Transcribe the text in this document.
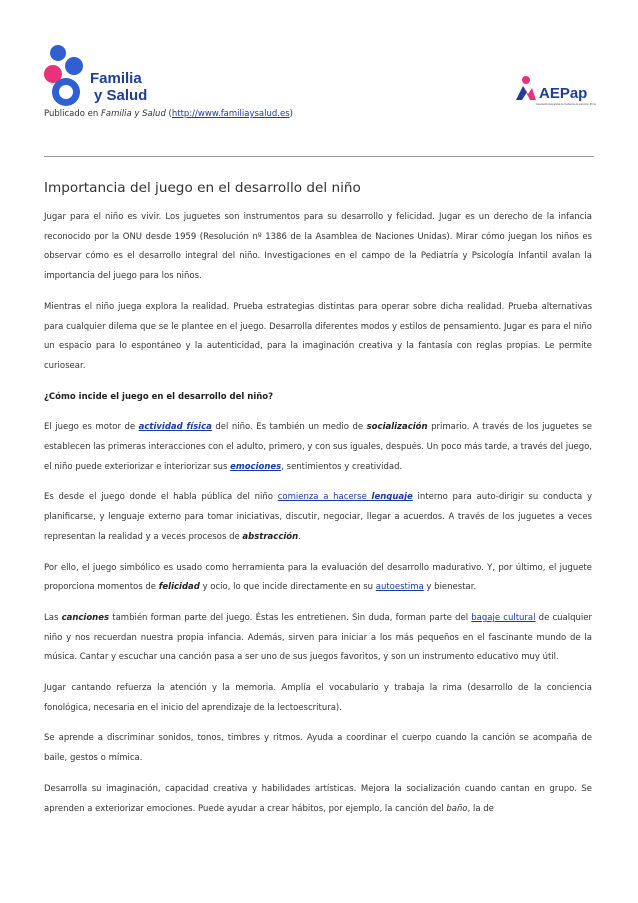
Familia
y Salud	AEPap
Asociación Española de Pediatría de Atención Primaria
Publicado en Familia y Salud (http://www.familiaysalud.es)
Importancia del juego en el desarrollo del niño

Jugar para el niño es vivir. Los juguetes son instrumentos para su desarrollo y felicidad. Jugar es un derecho de la infancia reconocido por la ONU desde 1959 (Resolución nº 1386 de la Asamblea de Naciones Unidas). Mirar cómo juegan los niños es observar cómo es el desarrollo integral del niño. Investigaciones en el campo de la Pediatría y Psicología Infantil avalan la importancia del juego para los niños.

Mientras el niño juega explora la realidad. Prueba estrategias distintas para operar sobre dicha realidad. Prueba alternativas para cualquier dilema que se le plantee en el juego. Desarrolla diferentes modos y estilos de pensamiento. Jugar es para el niño un espacio para lo espontáneo y la autenticidad, para la imaginación creativa y la fantasía con reglas propias. Le permite curiosear.

¿Cómo incide el juego en el desarrollo del niño?

El juego es motor de actividad física del niño. Es también un medio de socialización primario. A través de los juguetes se establecen las primeras interacciones con el adulto, primero, y con sus iguales, después. Un poco más tarde, a través del juego, el niño puede exteriorizar e interiorizar sus emociones, sentimientos y creatividad.

Es desde el juego donde el habla pública del niño comienza a hacerse lenguaje interno para auto-dirigir su conducta y planificarse, y lenguaje externo para tomar iniciativas, discutir, negociar, llegar a acuerdos. A través de los juguetes a veces representan la realidad y a veces procesos de abstracción.

Por ello, el juego simbólico es usado como herramienta para la evaluación del desarrollo madurativo. Y, por último, el juguete proporciona momentos de felicidad y ocio, lo que incide directamente en su autoestima y bienestar.

Las canciones también forman parte del juego. Éstas les entretienen. Sin duda, forman parte del bagaje cultural de cualquier niño y nos recuerdan nuestra propia infancia. Además, sirven para iniciar a los más pequeños en el fascinante mundo de la música. Cantar y escuchar una canción pasa a ser uno de sus juegos favoritos, y son un instrumento educativo muy útil.

Jugar cantando refuerza la atención y la memoria. Amplía el vocabulario y trabaja la rima (desarrollo de la conciencia fonológica, necesaria en el inicio del aprendizaje de la lectoescritura).

Se aprende a discriminar sonidos, tonos, timbres y ritmos. Ayuda a coordinar el cuerpo cuando la canción se acompaña de baile, gestos o mímica.

Desarrolla su imaginación, capacidad creativa y habilidades artísticas. Mejora la socialización cuando cantan en grupo. Se aprenden a exteriorizar emociones. Puede ayudar a crear hábitos, por ejemplo, la canción del baño, la de
